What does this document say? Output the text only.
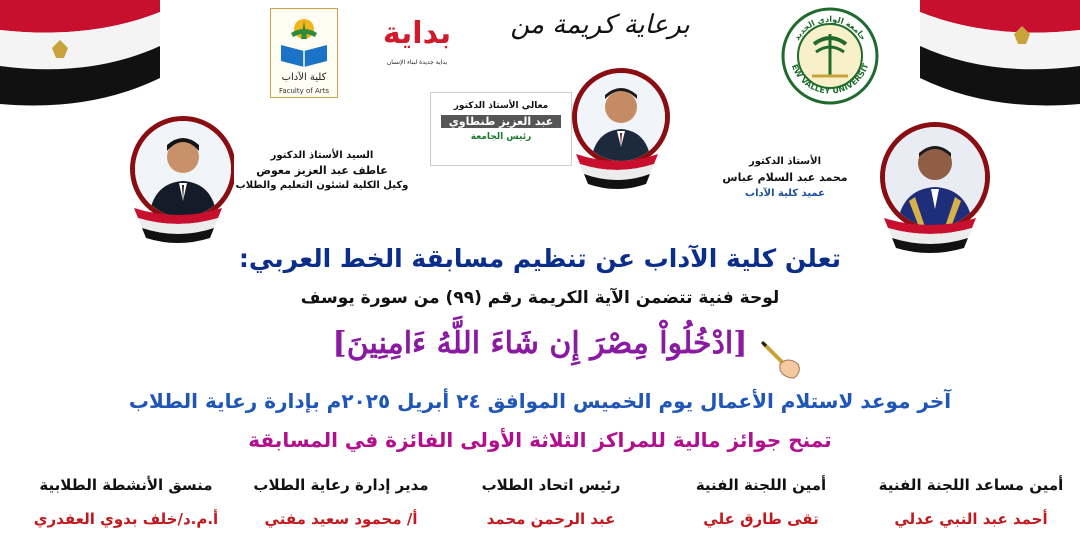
كلية الآداب
Faculty of Arts
بداية
بداية جديدة لبناء الإنسان
برعاية كريمة من
EW VALLEY UNIVERSIT
جامعة الوادي الجديد
معالي الأستاذ الدكتور
عبد العزيز طنطاوي
رئيس الجامعة
السيد الأستاذ الدكتور
عاطف عبد العزيز معوض
وكيل الكلية لشئون التعليم والطلاب
الأستاذ الدكتور
محمد عبد السلام عباس
عميد كلية الآداب
تعلن كلية الآداب عن تنظيم مسابقة الخط العربي:
لوحة فنية تتضمن الآية الكريمة رقم (٩٩) من سورة يوسف
[ادْخُلُواْ مِصْرَ إِن شَاءَ اللَّهُ ءَامِنِينَ]
آخر موعد لاستلام الأعمال يوم الخميس الموافق ٢٤ أبريل ٢٠٢٥م بإدارة رعاية الطلاب
تمنح جوائز مالية للمراكز الثلاثة الأولى الفائزة في المسابقة
أمين مساعد اللجنة الفنية
أحمد عبد النبي عدلي
أمين اللجنة الفنية
تقى طارق علي
رئيس اتحاد الطلاب
عبد الرحمن محمد
مدير إدارة رعاية الطلاب
أ/ محمود سعيد مفتي
منسق الأنشطة الطلابية
أ.م.د/خلف بدوي العفدري
